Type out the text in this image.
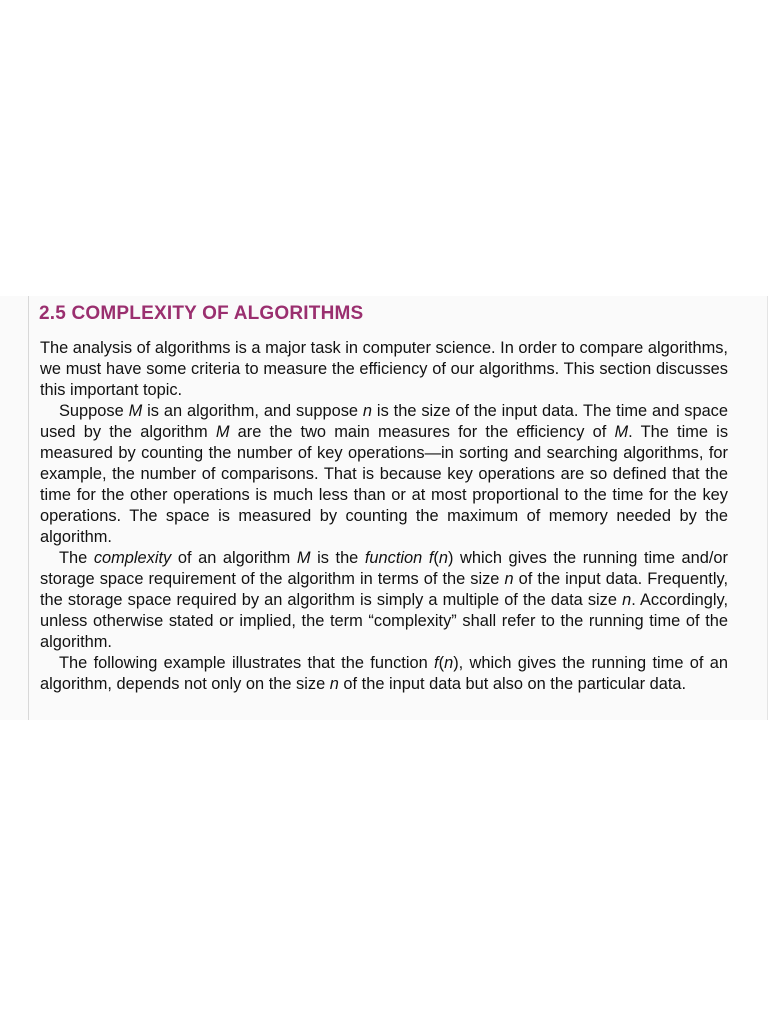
2.5 COMPLEXITY OF ALGORITHMS

The analysis of algorithms is a major task in computer science. In order to compare algorithms, we must have some criteria to measure the efficiency of our algorithms. This section discusses this important topic.

Suppose M is an algorithm, and suppose n is the size of the input data. The time and space used by the algorithm M are the two main measures for the efficiency of M. The time is measured by counting the number of key operations—in sorting and searching algorithms, for example, the number of comparisons. That is because key operations are so defined that the time for the other operations is much less than or at most proportional to the time for the key operations. The space is measured by counting the maximum of memory needed by the algorithm.

The complexity of an algorithm M is the function f(n) which gives the running time and/or storage space requirement of the algorithm in terms of the size n of the input data. Frequently, the storage space required by an algorithm is simply a multiple of the data size n. Accordingly, unless otherwise stated or implied, the term “complexity” shall refer to the running time of the algorithm.

The following example illustrates that the function f(n), which gives the running time of an algorithm, depends not only on the size n of the input data but also on the particular data.
